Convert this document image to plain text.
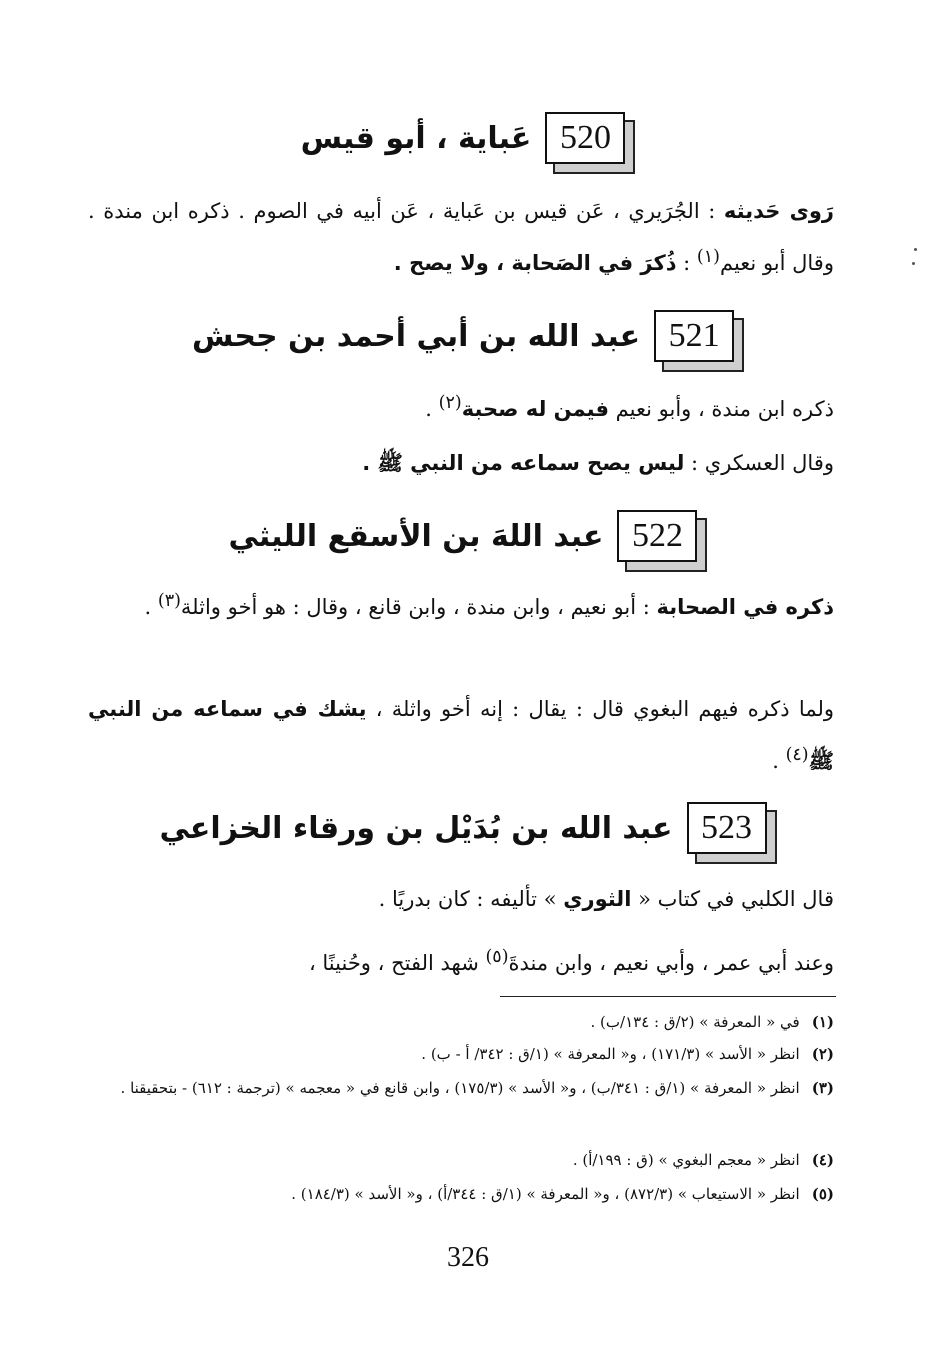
520
عَباية ، أبو قيس
رَوى حَديثه : الجُرَيري ، عَن قيس بن عَباية ، عَن أبيه في الصوم . ذكره ابن مندة . وقال أبو نعيم$^{(١)}$ : ذُكرَ في الصَحابة ، ولا يصح .
521
عبد الله بن أبي أحمد بن جحش
ذكره ابن مندة ، وأبو نعيم فيمن له صحبة$^{(٢)}$ .
وقال العسكري : ليس يصح سماعه من النبي ﷺ .
522
عبد اللهَ بن الأسقع الليثي
ذكره في الصحابة : أبو نعيم ، وابن مندة ، وابن قانع ، وقال : هو أخو واثلة$^{(٣)}$ .
ولما ذكره فيهم البغوي قال : يقال : إنه أخو واثلة ، يشك في سماعه من النبي ﷺ$^{(٤)}$ .
523
عبد الله بن بُدَيْل بن ورقاء الخزاعي
قال الكلبي في كتاب « الثوري » تأليفه : كان بدريًا .
وعند أبي عمر ، وأبي نعيم ، وابن مندةَ$^{(٥)}$ شهد الفتح ، وحُنينًا ،
(١)في « المعرفة » (٢/ق : ١٣٤/ب) .
(٢)انظر « الأسد » (١٧١/٣) ، و« المعرفة » (١/ق : ٣٤٢/ أ - ب) .
(٣)انظر « المعرفة » (١/ق : ٣٤١/ب) ، و« الأسد » (١٧٥/٣) ، وابن قانع في « معجمه » (ترجمة : ٦١٢) - بتحقيقنا .
(٤)انظر « معجم البغوي » (ق : ١٩٩/أ) .
(٥)انظر « الاستيعاب » (٨٧٢/٣) ، و« المعرفة » (١/ق : ٣٤٤/أ) ، و« الأسد » (١٨٤/٣) .
326
